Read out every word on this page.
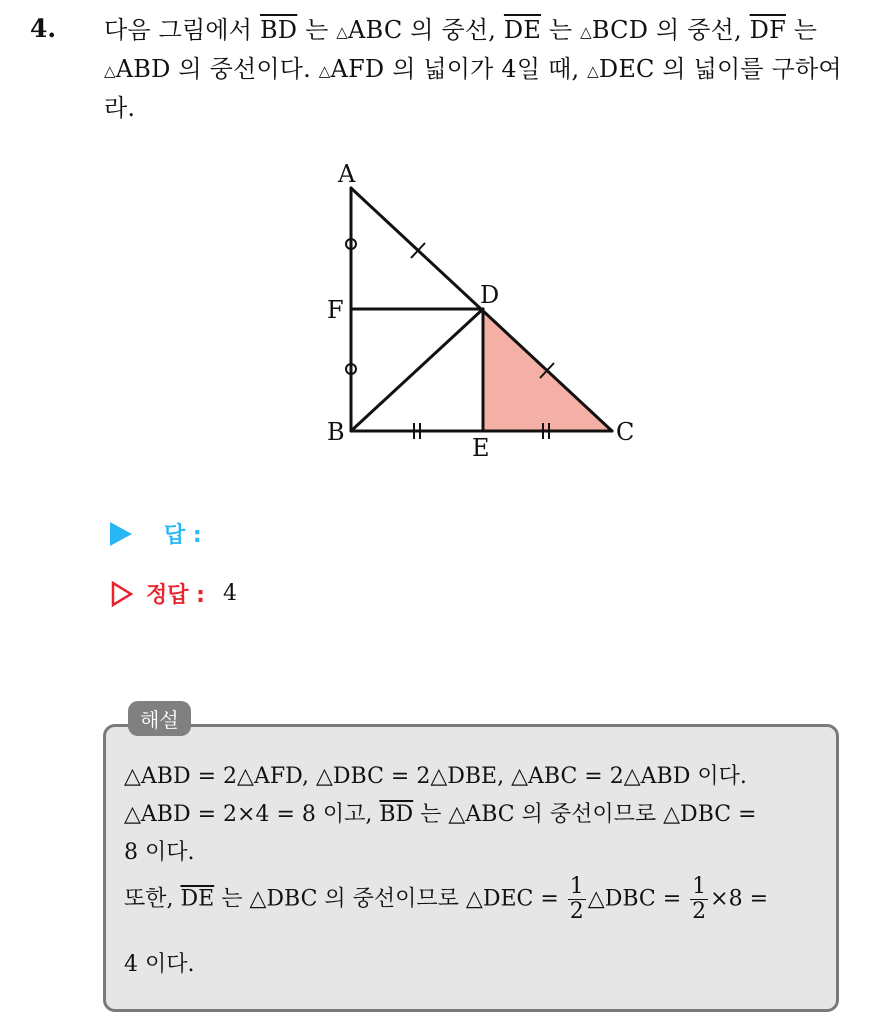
4. 다음 그림에서 $\overline{BD}$ 는 △ABC 의 중선, $\overline{DE}$ 는 △BCD 의 중선, $\overline{DF}$ 는 △ABD 의 중선이다. △AFD 의 넓이가 4일 때, △DEC 의 넓이를 구하여라.
A
F
D
B
E
C
답 :
정답 : 4
해설
△ABD = 2△AFD, △DBC = 2△DBE, △ABC = 2△ABD 이다.
△ABD = 2×4 = 8 이고, $\overline{BD}$ 는 △ABC 의 중선이므로 △DBC =
8 이다.
또한, $\overline{DE}$ 는 △DBC 의 중선이므로 △DEC = $\frac{1}{2}$ △DBC = $\frac{1}{2} \times 8$ =
4 이다.
